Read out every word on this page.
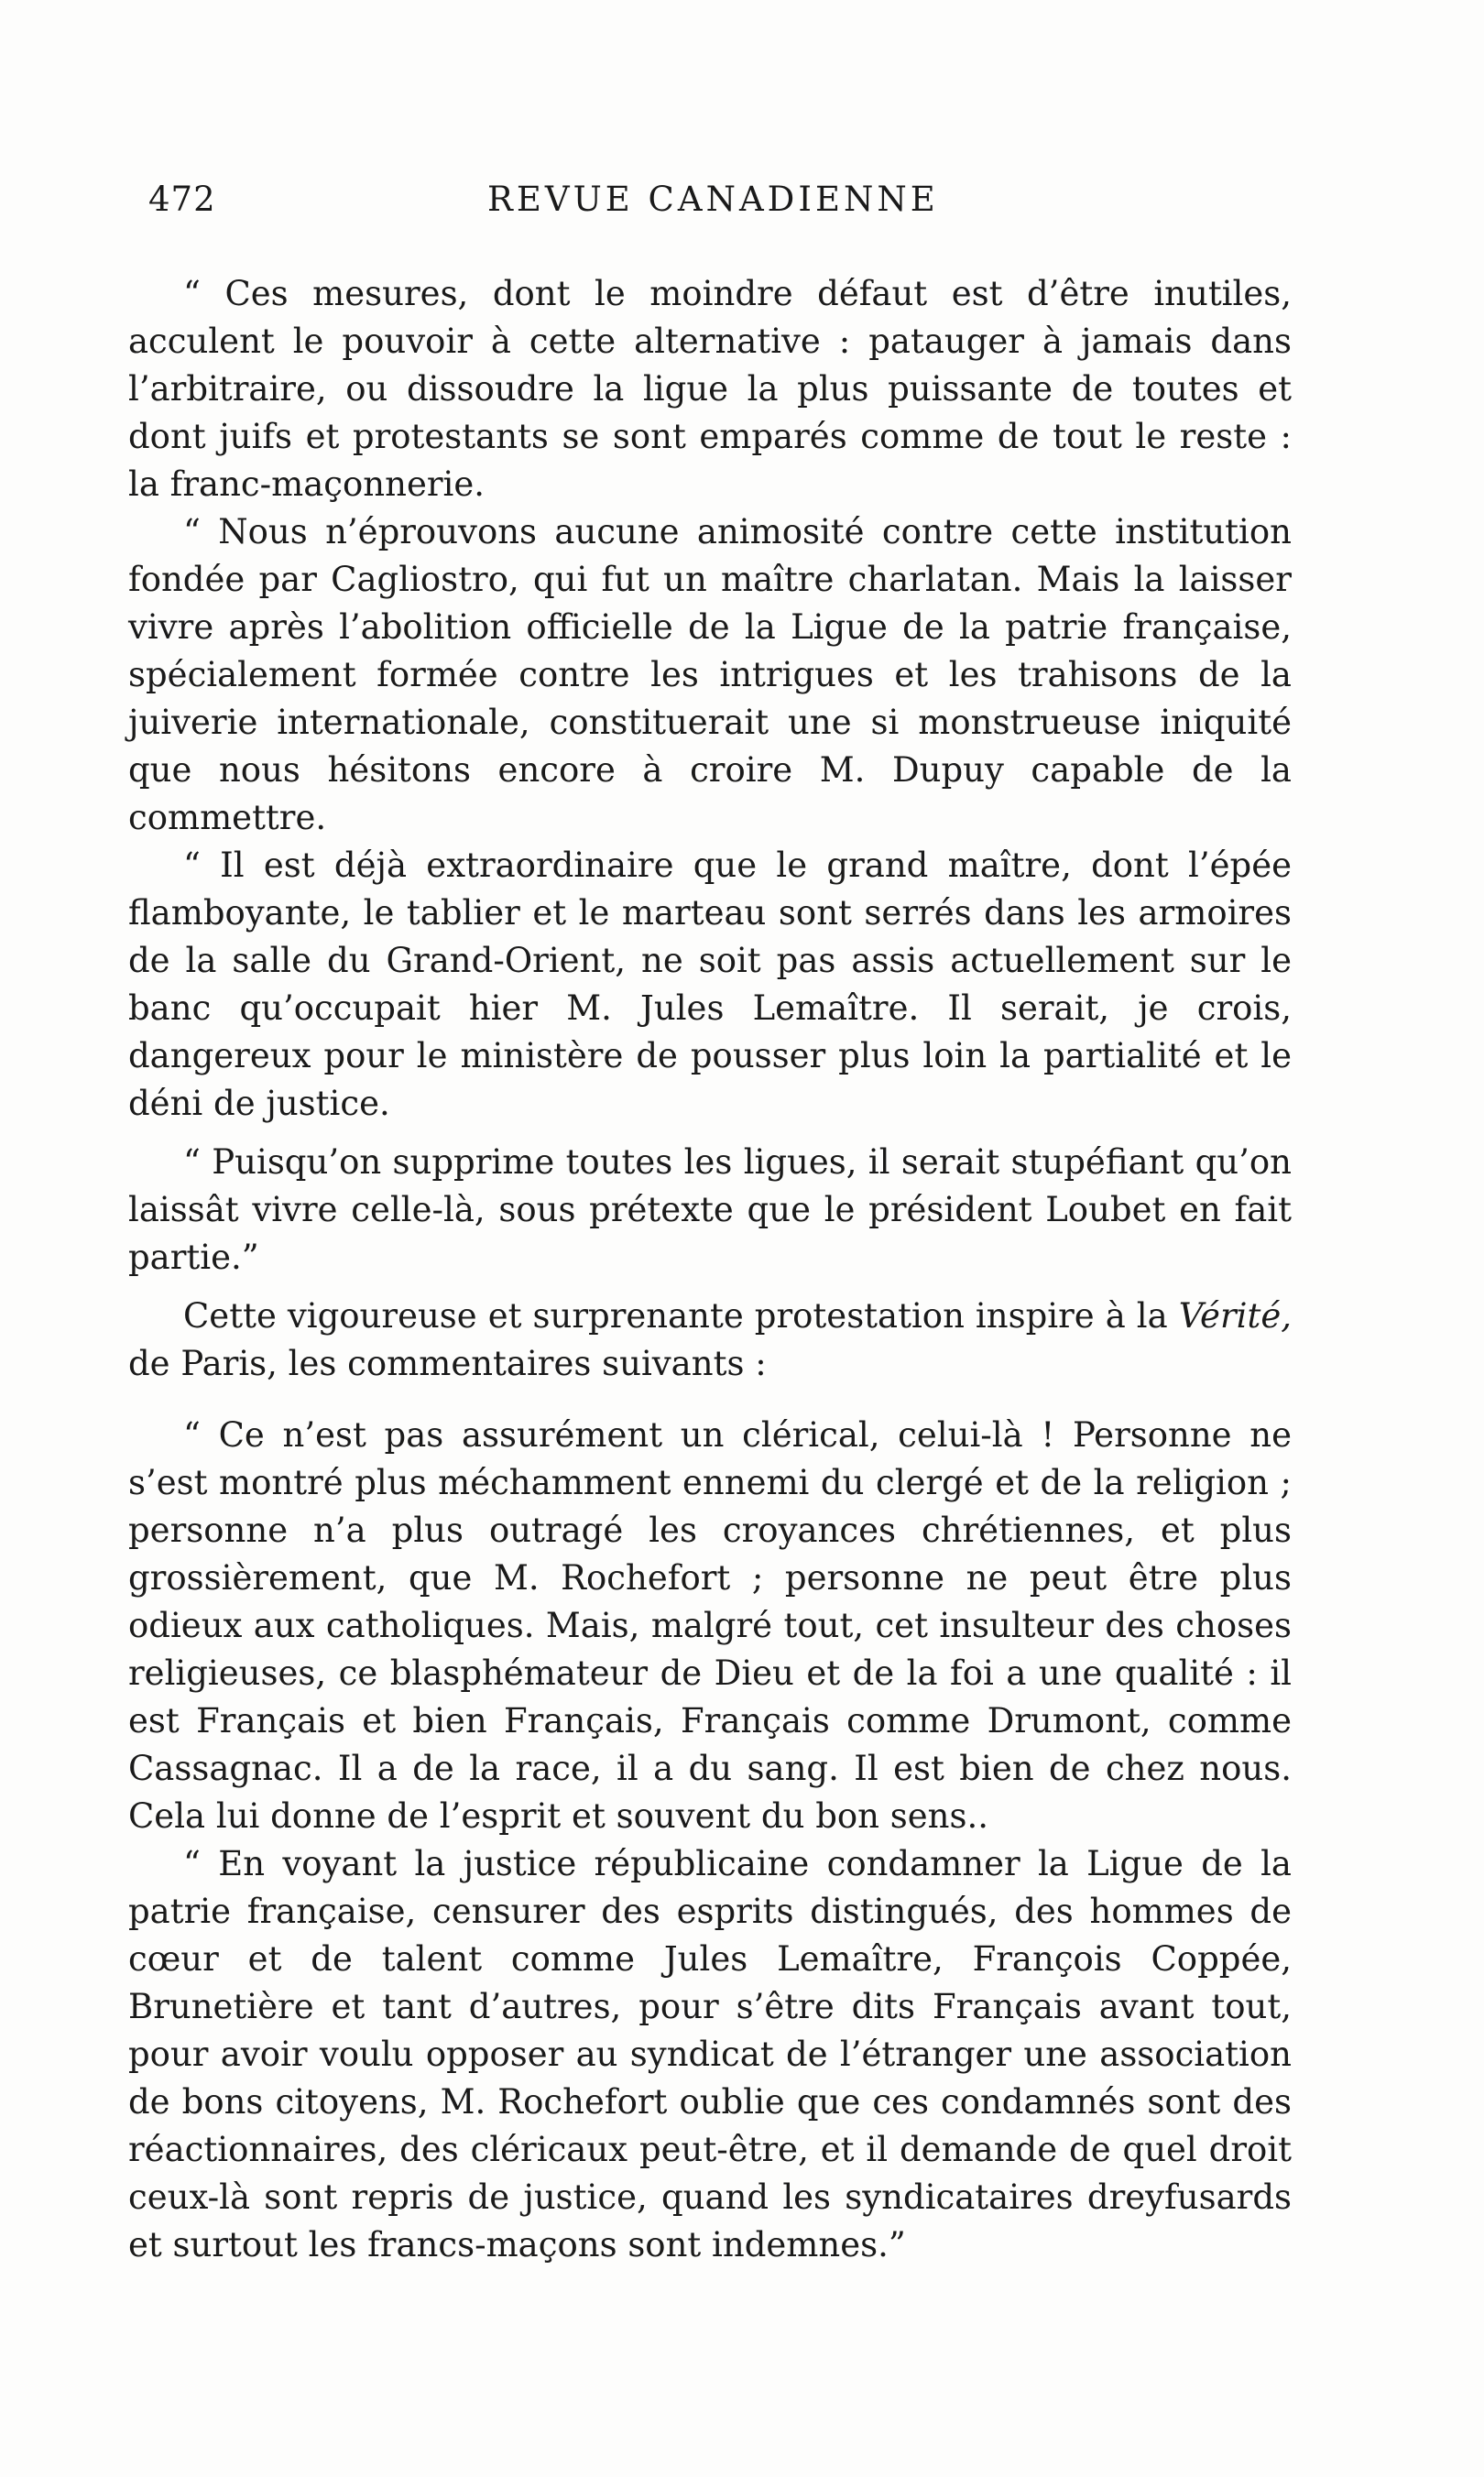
472	REVUE CANADIENNE

“ Ces mesures, dont le moindre défaut est d’être inutiles, acculent le pouvoir à cette alternative : patauger à jamais dans l’arbitraire, ou dissoudre la ligue la plus puissante de toutes et dont juifs et protestants se sont emparés comme de tout le reste : la franc-maçonnerie.

“ Nous n’éprouvons aucune animosité contre cette institution fondée par Cagliostro, qui fut un maître charlatan. Mais la laisser vivre après l’abolition officielle de la Ligue de la patrie française, spécialement formée contre les intrigues et les trahisons de la juiverie internationale, constituerait une si monstrueuse iniquité que nous hésitons encore à croire M. Dupuy capable de la commettre.

“ Il est déjà extraordinaire que le grand maître, dont l’épée flamboyante, le tablier et le marteau sont serrés dans les armoires de la salle du Grand-Orient, ne soit pas assis actuellement sur le banc qu’occupait hier M. Jules Lemaître. Il serait, je crois, dangereux pour le ministère de pousser plus loin la partialité et le déni de justice.

“ Puisqu’on supprime toutes les ligues, il serait stupéfiant qu’on laissât vivre celle-là, sous prétexte que le président Loubet en fait partie.”

Cette vigoureuse et surprenante protestation inspire à la Vérité, de Paris, les commentaires suivants :

“ Ce n’est pas assurément un clérical, celui-là ! Personne ne s’est montré plus méchamment ennemi du clergé et de la religion ; personne n’a plus outragé les croyances chrétiennes, et plus grossièrement, que M. Rochefort ; personne ne peut être plus odieux aux catholiques. Mais, malgré tout, cet insulteur des choses religieuses, ce blasphémateur de Dieu et de la foi a une qualité : il est Français et bien Français, Français comme Drumont, comme Cassagnac. Il a de la race, il a du sang. Il est bien de chez nous. Cela lui donne de l’esprit et souvent du bon sens..

“ En voyant la justice républicaine condamner la Ligue de la patrie française, censurer des esprits distingués, des hommes de cœur et de talent comme Jules Lemaître, François Coppée, Brunetière et tant d’autres, pour s’être dits Français avant tout, pour avoir voulu opposer au syndicat de l’étranger une association de bons citoyens, M. Rochefort oublie que ces condamnés sont des réactionnaires, des cléricaux peut-être, et il demande de quel droit ceux-là sont repris de justice, quand les syndicataires dreyfusards et surtout les francs-maçons sont indemnes.”
